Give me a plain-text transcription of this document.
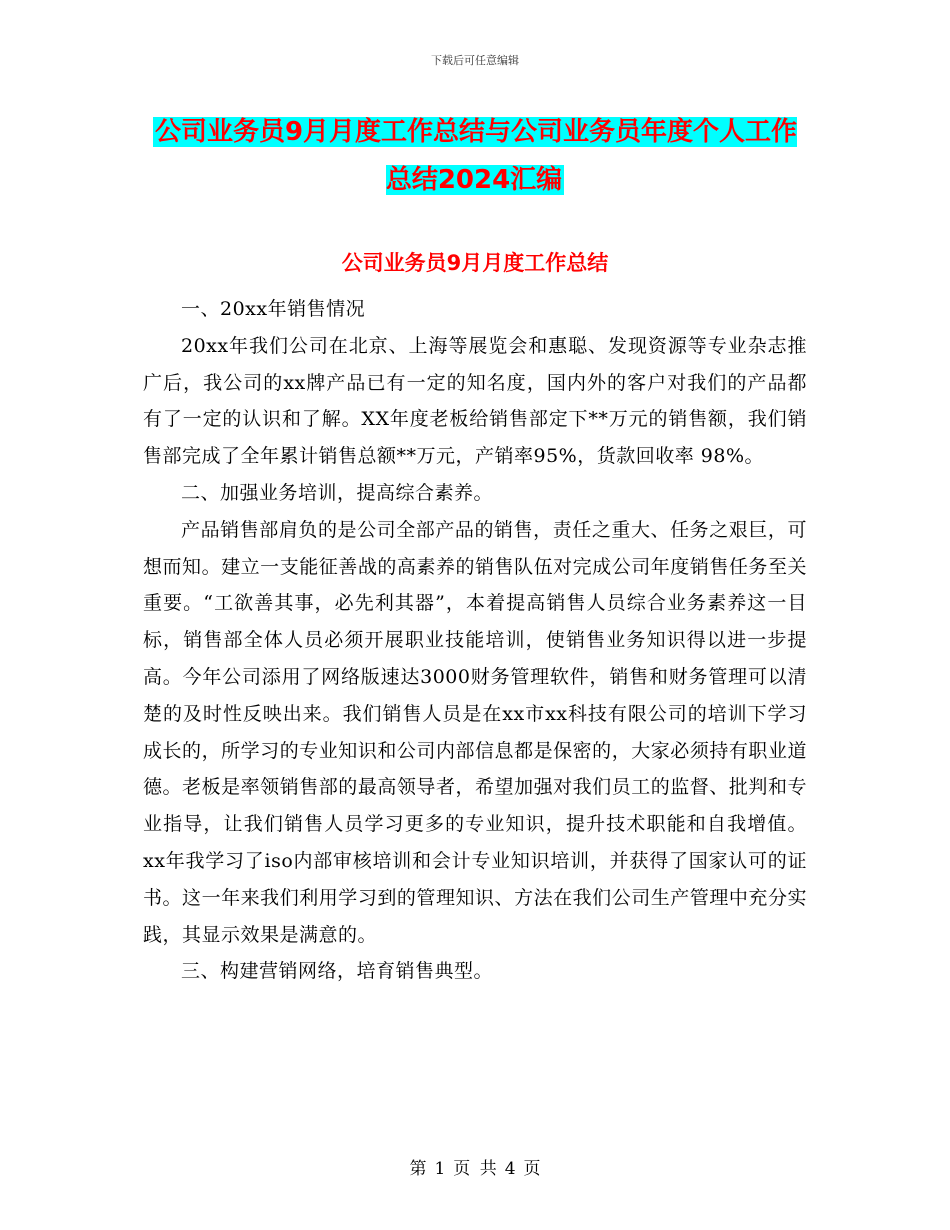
下载后可任意编辑
公司业务员9月月度工作总结与公司业务员年度个人工作总结2024汇编
公司业务员9月月度工作总结

一、20xx年销售情况

20xx年我们公司在北京、上海等展览会和惠聪、发现资源等专业杂志推广后，我公司的xx牌产品已有一定的知名度，国内外的客户对我们的产品都有了一定的认识和了解。XX年度老板给销售部定下**万元的销售额，我们销售部完成了全年累计销售总额**万元，产销率95%，货款回收率 98%。

二、加强业务培训，提高综合素养。

产品销售部肩负的是公司全部产品的销售，责任之重大、任务之艰巨，可想而知。建立一支能征善战的高素养的销售队伍对完成公司年度销售任务至关重要。“工欲善其事，必先利其器”，本着提高销售人员综合业务素养这一目标，销售部全体人员必须开展职业技能培训，使销售业务知识得以进一步提高。今年公司添用了网络版速达3000财务管理软件，销售和财务管理可以清楚的及时性反映出来。我们销售人员是在xx市xx科技有限公司的培训下学习成长的，所学习的专业知识和公司内部信息都是保密的，大家必须持有职业道德。老板是率领销售部的最高领导者，希望加强对我们员工的监督、批判和专业指导，让我们销售人员学习更多的专业知识，提升技术职能和自我增值。xx年我学习了iso内部审核培训和会计专业知识培训，并获得了国家认可的证书。这一年来我们利用学习到的管理知识、方法在我们公司生产管理中充分实践，其显示效果是满意的。

三、构建营销网络，培育销售典型。

第 1 页 共 4 页
